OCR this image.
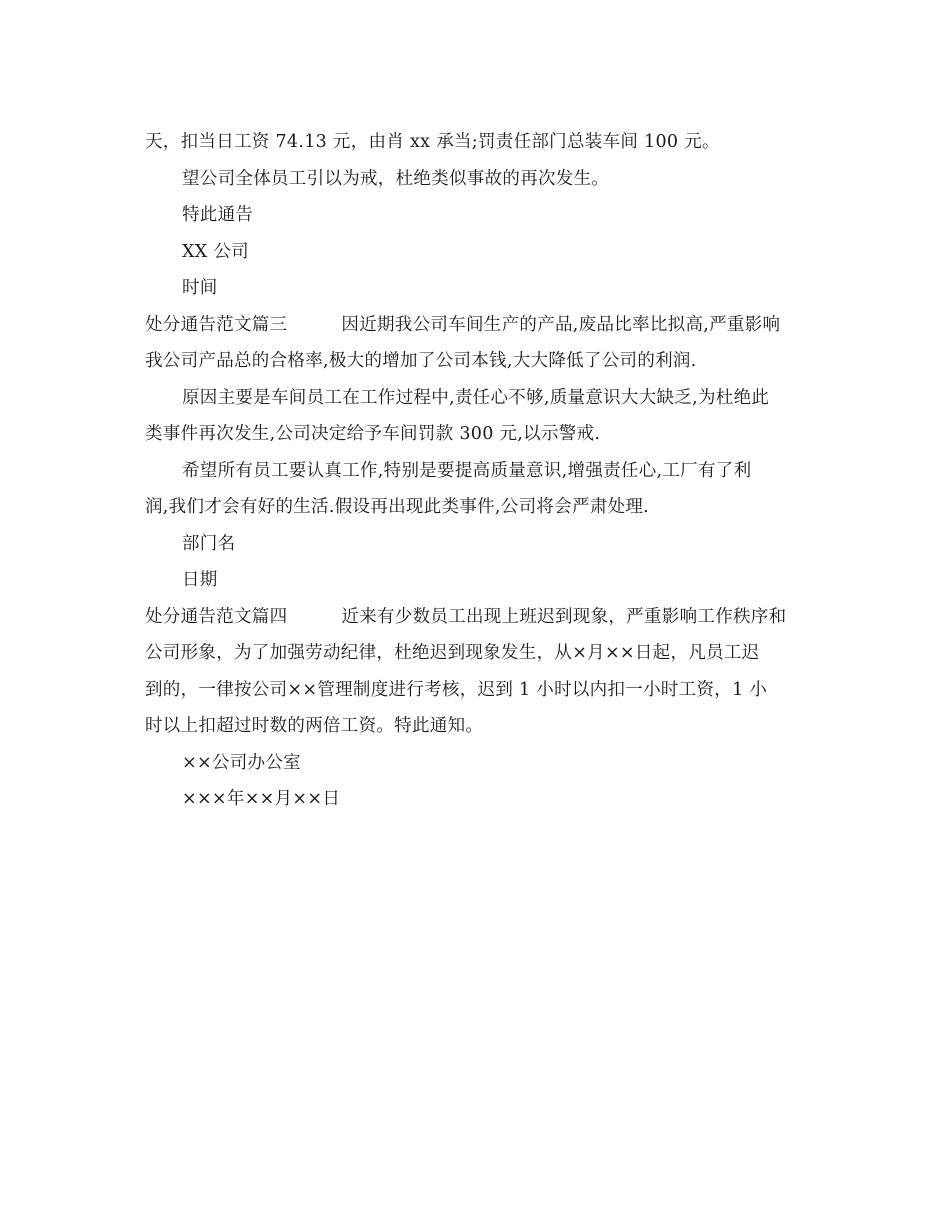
天，扣当日工资 74.13 元，由肖 xx 承当;罚责任部门总装车间 100 元。
望公司全体员工引以为戒，杜绝类似事故的再次发生。
特此通告
XX 公司
时间
处分通告范文篇三	因近期我公司车间生产的产品,废品比率比拟高,严重影响
我公司产品总的合格率,极大的增加了公司本钱,大大降低了公司的利润.
原因主要是车间员工在工作过程中,责任心不够,质量意识大大缺乏,为杜绝此
类事件再次发生,公司决定给予车间罚款 300 元,以示警戒.
希望所有员工要认真工作,特别是要提高质量意识,增强责任心,工厂有了利
润,我们才会有好的生活.假设再出现此类事件,公司将会严肃处理.
部门名
日期
处分通告范文篇四	近来有少数员工出现上班迟到现象，严重影响工作秩序和
公司形象，为了加强劳动纪律，杜绝迟到现象发生，从×月××日起，凡员工迟
到的，一律按公司××管理制度进行考核，迟到 1 小时以内扣一小时工资，1 小
时以上扣超过时数的两倍工资。特此通知。
××公司办公室
×××年××月××日
